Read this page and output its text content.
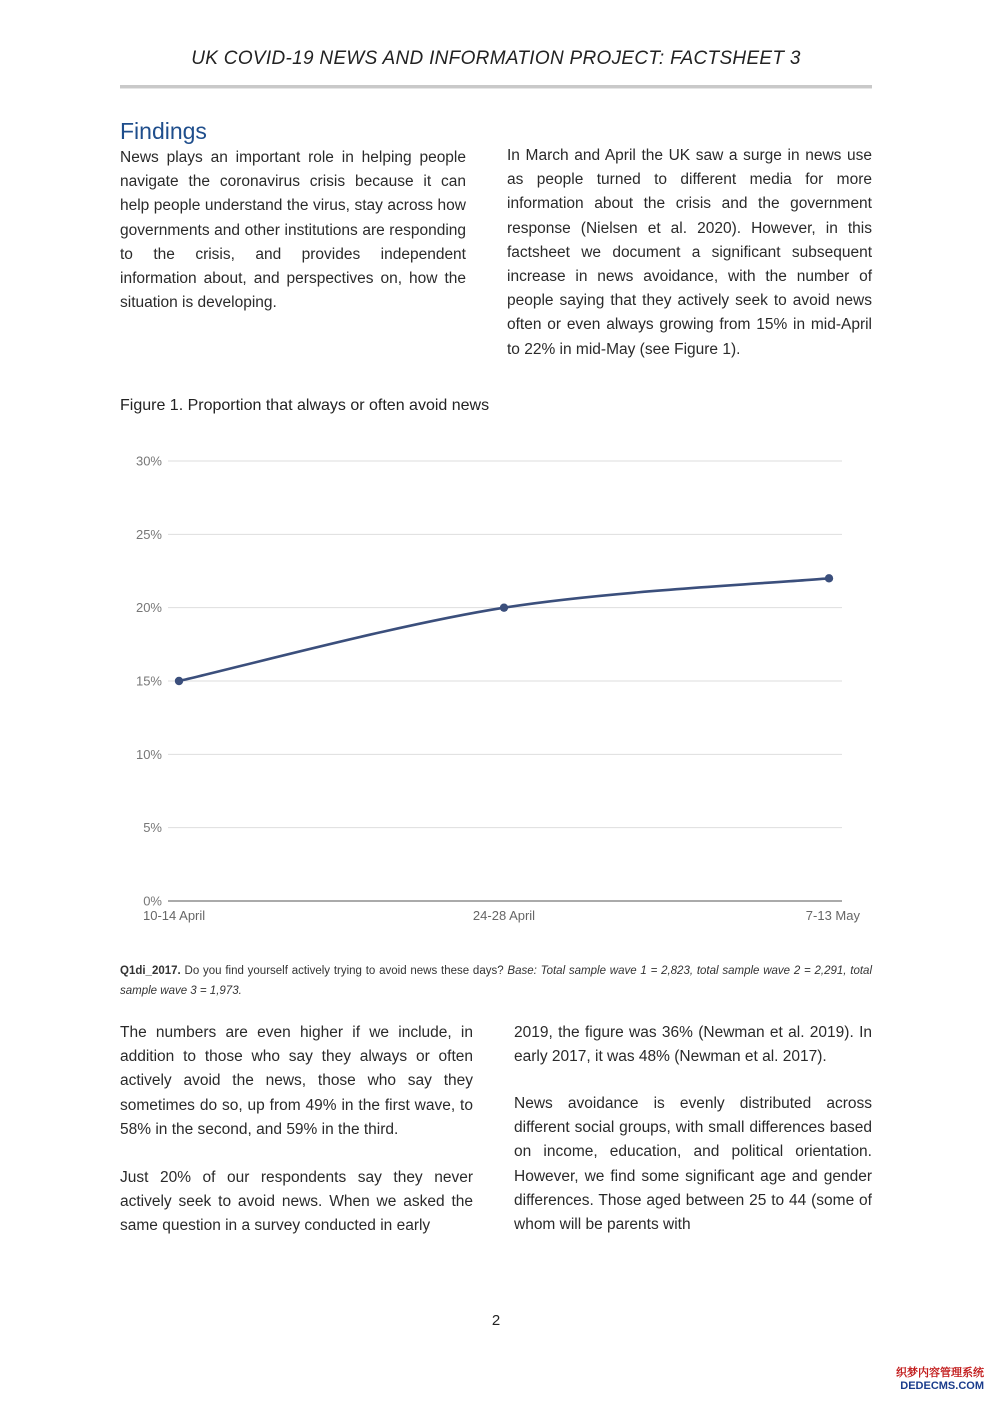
UK COVID-19 NEWS AND INFORMATION PROJECT: FACTSHEET 3
Findings

News plays an important role in helping people navigate the coronavirus crisis because it can help people understand the virus, stay across how governments and other institutions are responding to the crisis, and provides independent information about, and perspectives on, how the situation is developing.

In March and April the UK saw a surge in news use as people turned to different media for more information about the crisis and the government response (Nielsen et al. 2020). However, in this factsheet we document a significant subsequent increase in news avoidance, with the number of people saying that they actively seek to avoid news often or even always growing from 15% in mid-April to 22% in mid-May (see Figure 1).

Figure 1. Proportion that always or often avoid news
0%
5%
10%
15%
20%
25%
30%
10-14 April	24-28 April	7-13 May

Q1di_2017. Do you find yourself actively trying to avoid news these days? Base: Total sample wave 1 = 2,823, total sample wave 2 = 2,291, total sample wave 3 = 1,973.

The numbers are even higher if we include, in addition to those who say they always or often actively avoid the news, those who say they sometimes do so, up from 49% in the first wave, to 58% in the second, and 59% in the third.

Just 20% of our respondents say they never actively seek to avoid news. When we asked the same question in a survey conducted in early

2019, the figure was 36% (Newman et al. 2019). In early 2017, it was 48% (Newman et al. 2017).

News avoidance is evenly distributed across different social groups, with small differences based on income, education, and political orientation. However, we find some significant age and gender differences. Those aged between 25 to 44 (some of whom will be parents with

2
织梦内容管理系统
DEDECMS.COM
